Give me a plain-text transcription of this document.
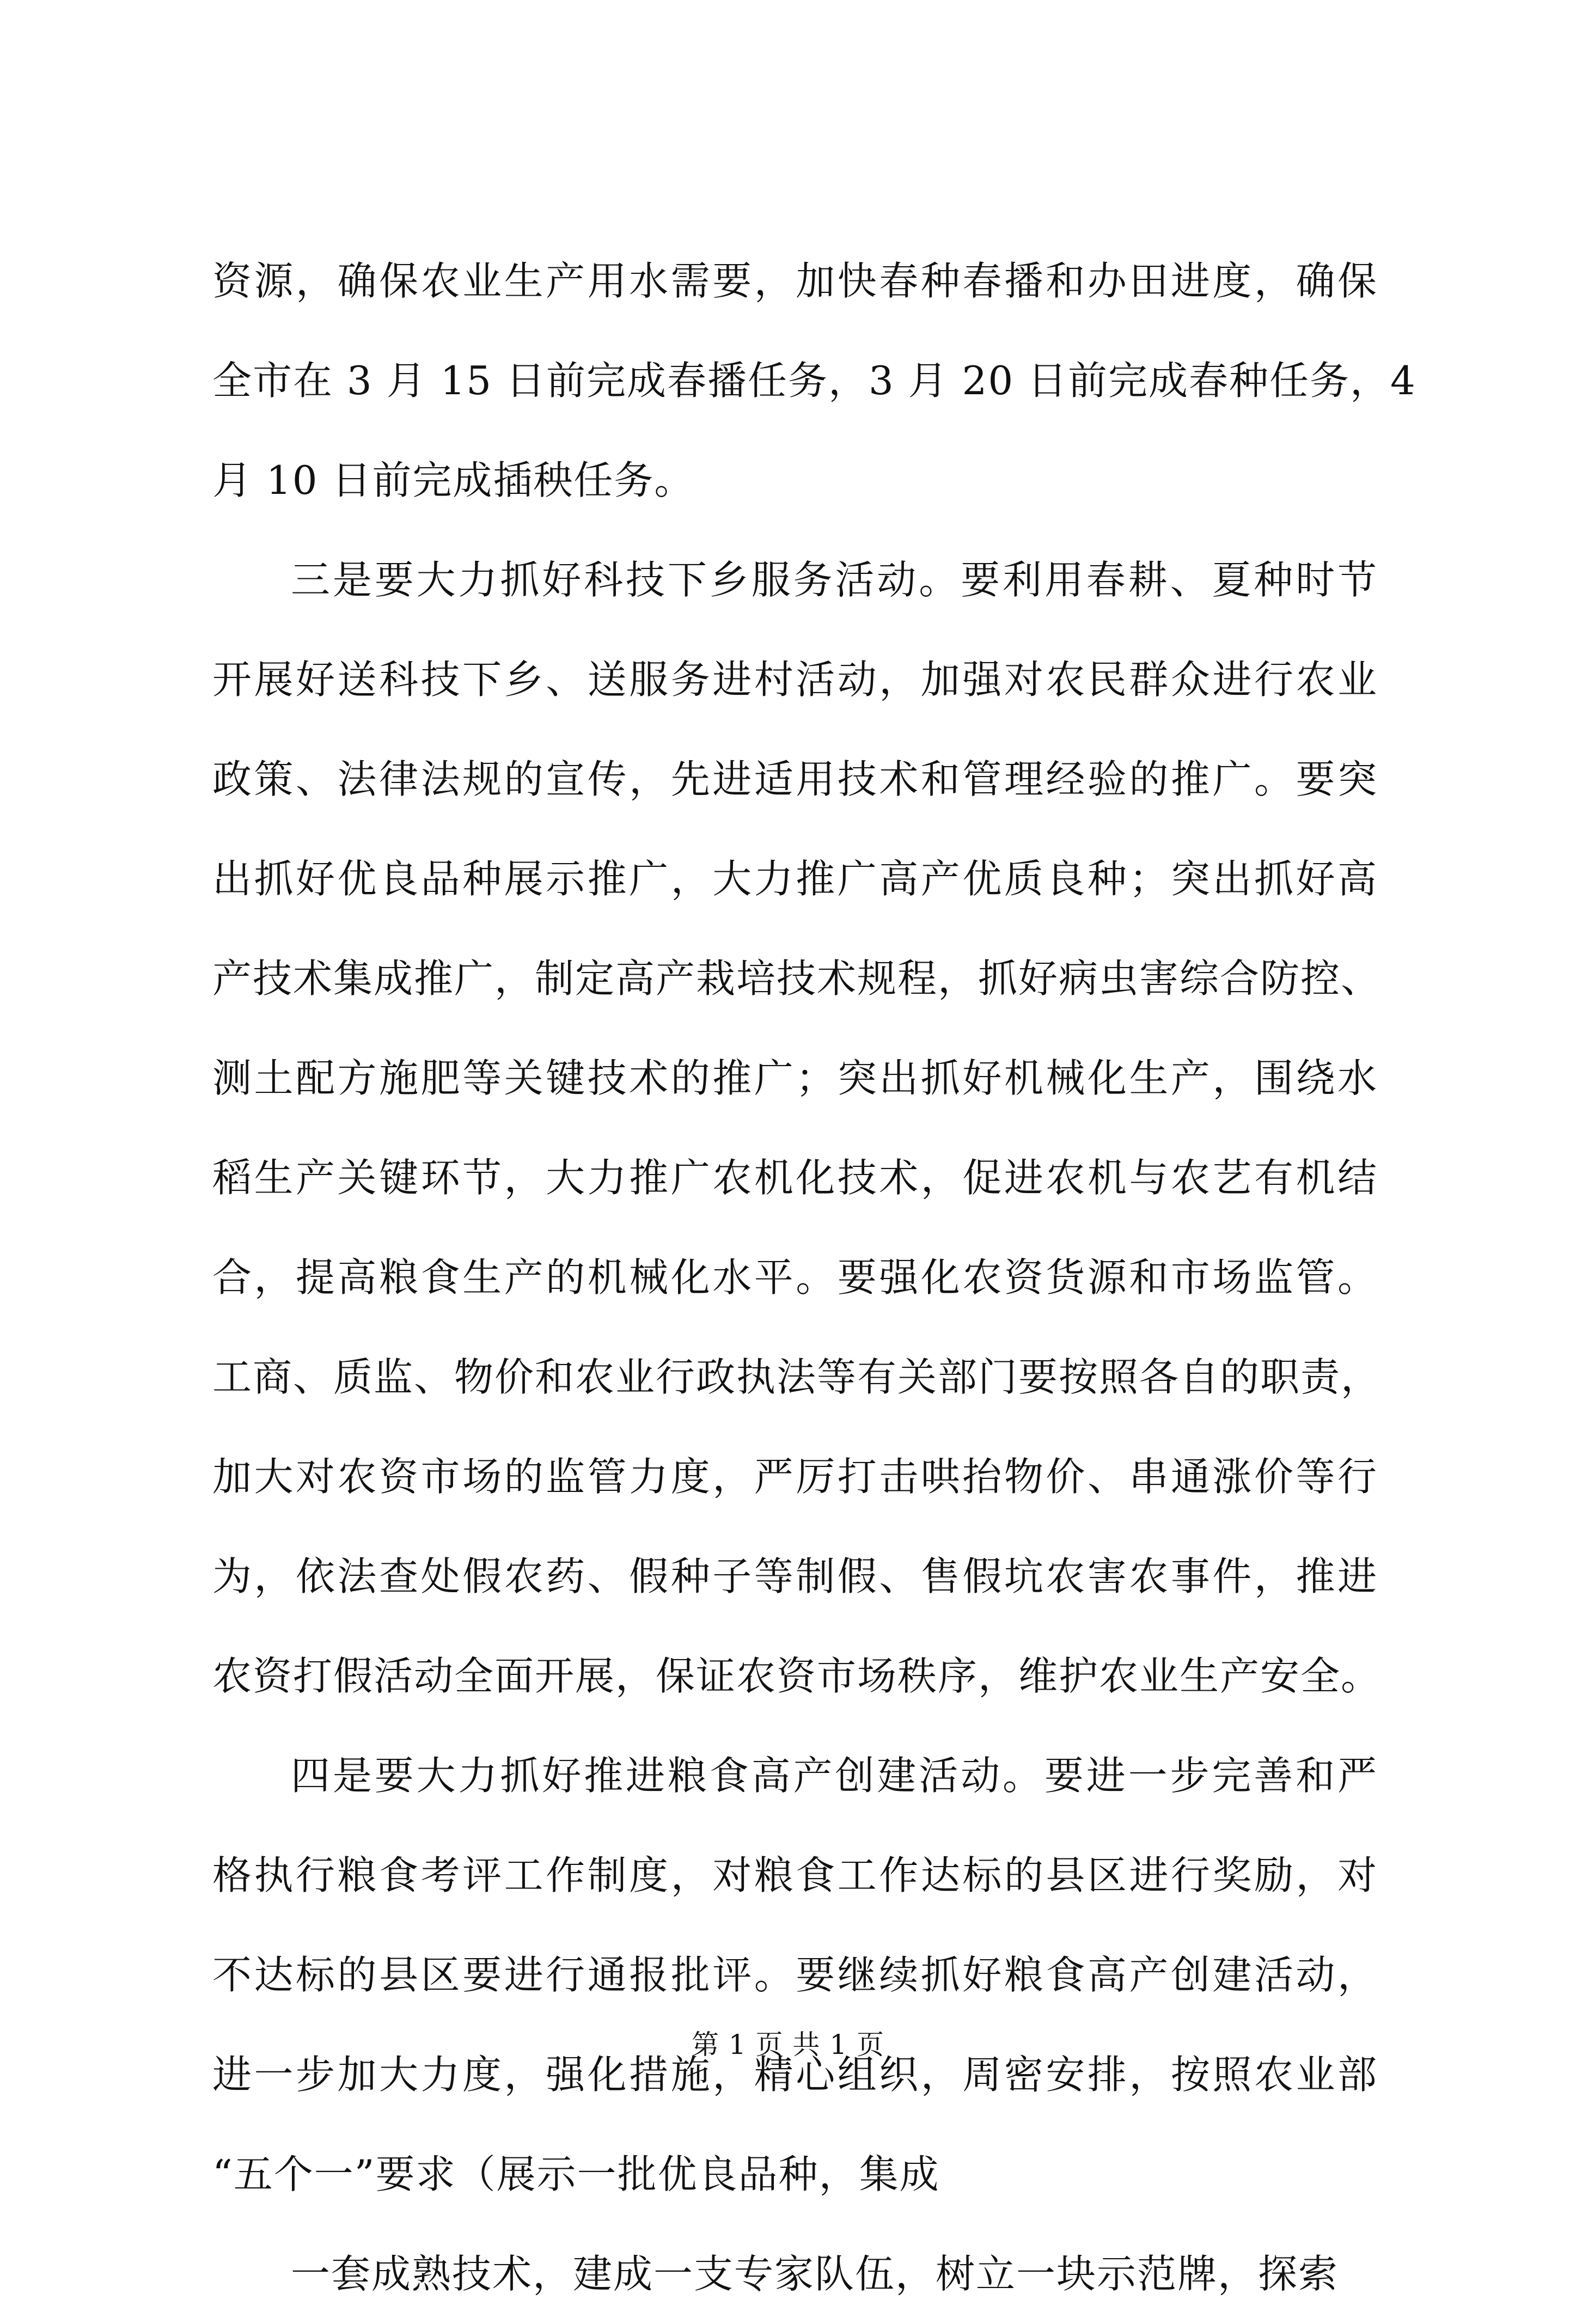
资源，确保农业生产用水需要，加快春种春播和办田进度，确保
全市在 3 月 15 日前完成春播任务，3 月 20 日前完成春种任务，4
月 10 日前完成插秧任务。
三是要大力抓好科技下乡服务活动。要利用春耕、夏种时节
开展好送科技下乡、送服务进村活动，加强对农民群众进行农业
政策、法律法规的宣传，先进适用技术和管理经验的推广。要突
出抓好优良品种展示推广，大力推广高产优质良种；突出抓好高
产技术集成推广，制定高产栽培技术规程，抓好病虫害综合防控、
测土配方施肥等关键技术的推广；突出抓好机械化生产，围绕水
稻生产关键环节，大力推广农机化技术，促进农机与农艺有机结
合，提高粮食生产的机械化水平。要强化农资货源和市场监管。
工商、质监、物价和农业行政执法等有关部门要按照各自的职责，
加大对农资市场的监管力度，严厉打击哄抬物价、串通涨价等行
为，依法查处假农药、假种子等制假、售假坑农害农事件，推进
农资打假活动全面开展，保证农资市场秩序，维护农业生产安全。
四是要大力抓好推进粮食高产创建活动。要进一步完善和严
格执行粮食考评工作制度，对粮食工作达标的县区进行奖励，对
不达标的县区要进行通报批评。要继续抓好粮食高产创建活动，
进一步加大力度，强化措施，精心组织，周密安排，按照农业部
“五个一”要求（展示一批优良品种，集成
一套成熟技术，建成一支专家队伍，树立一块示范牌，探索
第 1 页 共 1 页
